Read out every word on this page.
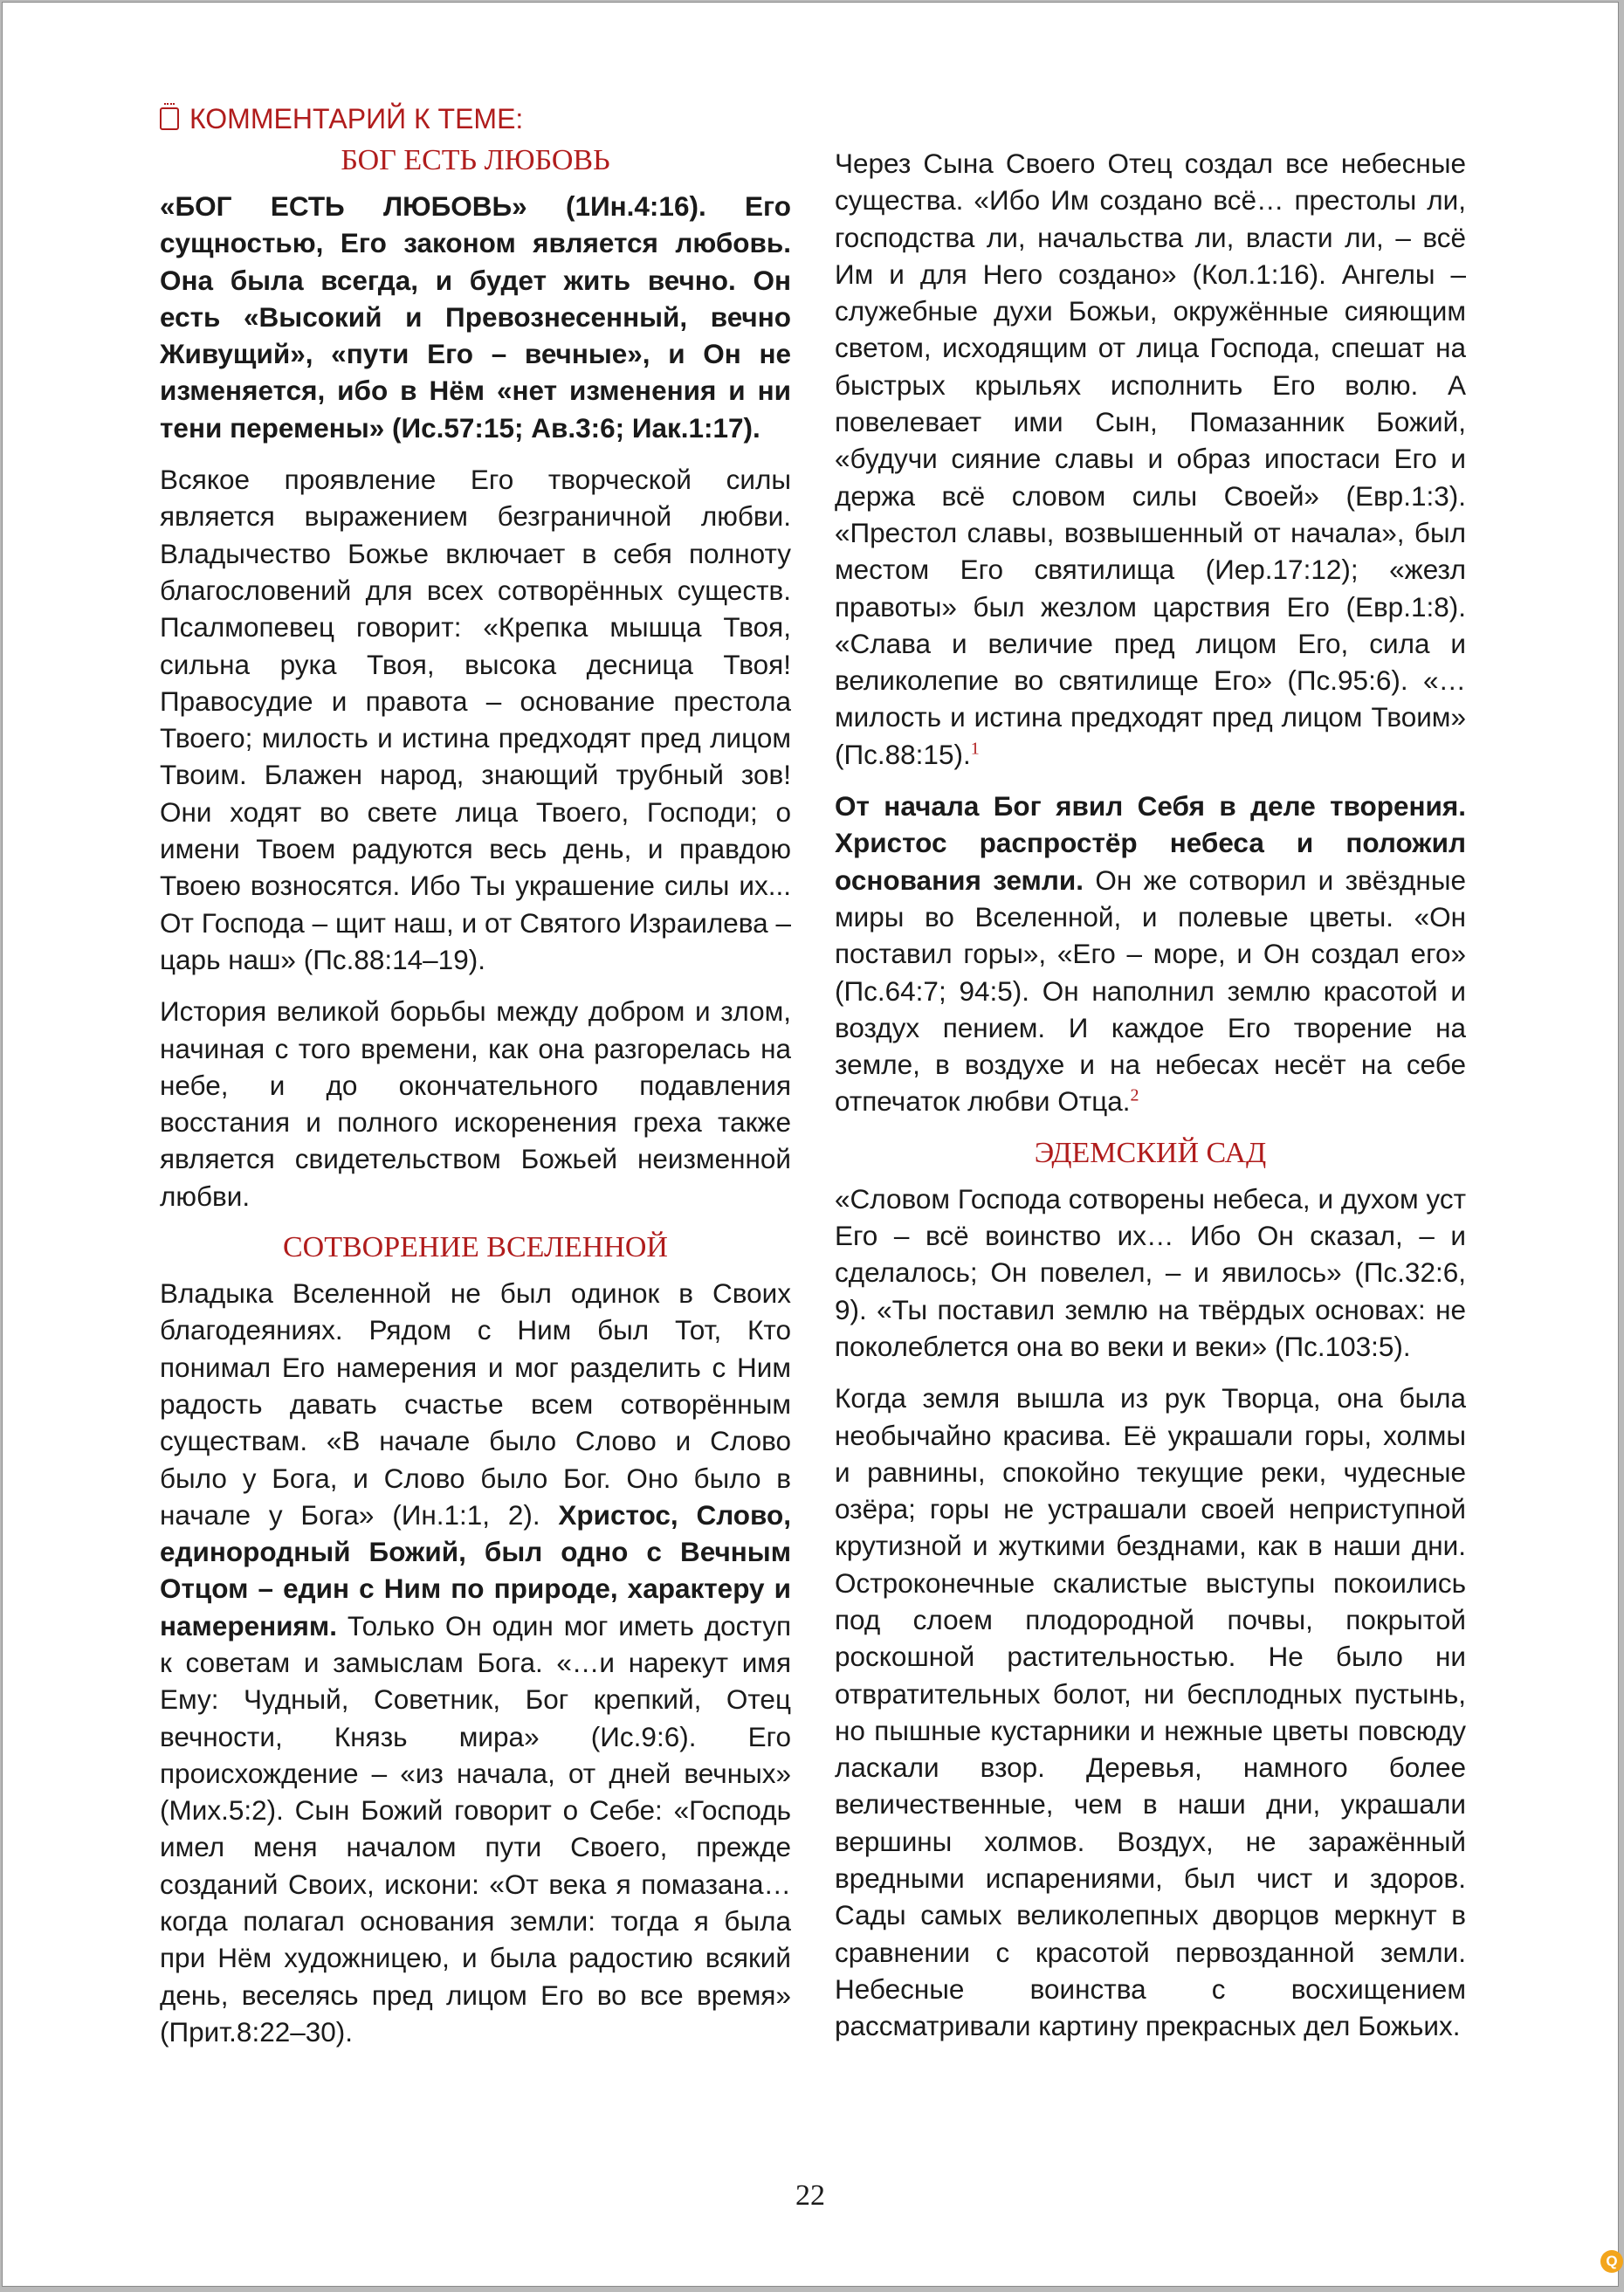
КОММЕНТАРИЙ К ТЕМЕ:
БОГ ЕСТЬ ЛЮБОВЬ

«БОГ ЕСТЬ ЛЮБОВЬ» (1Ин.4:16). Его сущностью, Его законом является любовь. Она была всегда, и будет жить вечно. Он есть «Высокий и Превознесенный, вечно Живущий», «пути Его – вечные», и Он не изменяется, ибо в Нём «нет изменения и ни тени перемены» (Ис.57:15; Ав.3:6; Иак.1:17).

Всякое проявление Его творческой силы является выражением безграничной любви. Владычество Божье включает в себя полноту благословений для всех сотворённых существ. Псалмопевец говорит: «Крепка мышца Твоя, сильна рука Твоя, высока десница Твоя! Правосудие и правота – основание престола Твоего; милость и истина предходят пред лицом Твоим. Блажен народ, знающий трубный зов! Они ходят во свете лица Твоего, Господи; о имени Твоем радуются весь день, и правдою Твоею возносятся. Ибо Ты украшение силы их... От Господа – щит наш, и от Святого Израилева – царь наш» (Пс.88:14–19).

История великой борьбы между добром и злом, начиная с того времени, как она разгорелась на небе, и до окончательного подавления восстания и полного искоренения греха также является свидетельством Божьей неизменной любви.

СОТВОРЕНИЕ ВСЕЛЕННОЙ

Владыка Вселенной не был одинок в Своих благодеяниях. Рядом с Ним был Тот, Кто понимал Его намерения и мог разделить с Ним радость давать счастье всем сотворённым существам. «В начале было Слово и Слово было у Бога, и Слово было Бог. Оно было в начале у Бога» (Ин.1:1, 2). Христос, Слово, единородный Божий, был одно с Вечным Отцом – един с Ним по природе, характеру и намерениям. Только Он один мог иметь доступ к советам и замыслам Бога. «…и нарекут имя Ему: Чудный, Советник, Бог крепкий, Отец вечности, Князь мира» (Ис.9:6). Его происхождение – «из начала, от дней вечных» (Мих.5:2). Сын Божий говорит о Себе: «Господь имел меня началом пути Своего, прежде созданий Своих, искони: «От века я помазана… когда полагал основания земли: тогда я была при Нём художницею, и была радостию всякий день, веселясь пред лицом Его во все время» (Прит.8:22–30).

Через Сына Своего Отец создал все небесные существа. «Ибо Им создано всё… престолы ли, господства ли, начальства ли, власти ли, – всё Им и для Него создано» (Кол.1:16). Ангелы – служебные духи Божьи, окружённые сияющим светом, исходящим от лица Господа, спешат на быстрых крыльях исполнить Его волю. А повелевает ими Сын, Помазанник Божий, «будучи сияние славы и образ ипостаси Его и держа всё словом силы Своей» (Евр.1:3). «Престол славы, возвышенный от начала», был местом Его святилища (Иер.17:12); «жезл правоты» был жезлом царствия Его (Евр.1:8). «Слава и величие пред лицом Его, сила и великолепие во святилище Его» (Пс.95:6). «…милость и истина предходят пред лицом Твоим» (Пс.88:15).$^1$

От начала Бог явил Себя в деле творения. Христос распростёр небеса и положил основания земли. Он же сотворил и звёздные миры во Вселенной, и полевые цветы. «Он поставил горы», «Его – море, и Он создал его» (Пс.64:7; 94:5). Он наполнил землю красотой и воздух пением. И каждое Его творение на земле, в воздухе и на небесах несёт на себе отпечаток любви Отца.$^2$

ЭДЕМСКИЙ САД

«Словом Господа сотворены небеса, и духом уст Его – всё воинство их… Ибо Он сказал, – и сделалось; Он повелел, – и явилось» (Пс.32:6, 9). «Ты поставил землю на твёрдых основах: не поколеблется она во веки и веки» (Пс.103:5).

Когда земля вышла из рук Творца, она была необычайно красива. Её украшали горы, холмы и равнины, спокойно текущие реки, чудесные озёра; горы не устрашали своей неприступной крутизной и жуткими безднами, как в наши дни. Остроконечные скалистые выступы покоились под слоем плодородной почвы, покрытой роскошной растительностью. Не было ни отвратительных болот, ни бесплодных пустынь, но пышные кустарники и нежные цветы повсюду ласкали взор. Деревья, намного более величественные, чем в наши дни, украшали вершины холмов. Воздух, не заражённый вредными испарениями, был чист и здоров. Сады самых великолепных дворцов меркнут в сравнении с красотой первозданной земли. Небесные воинства с восхищением рассматривали картину прекрасных дел Божьих.

22
Q
